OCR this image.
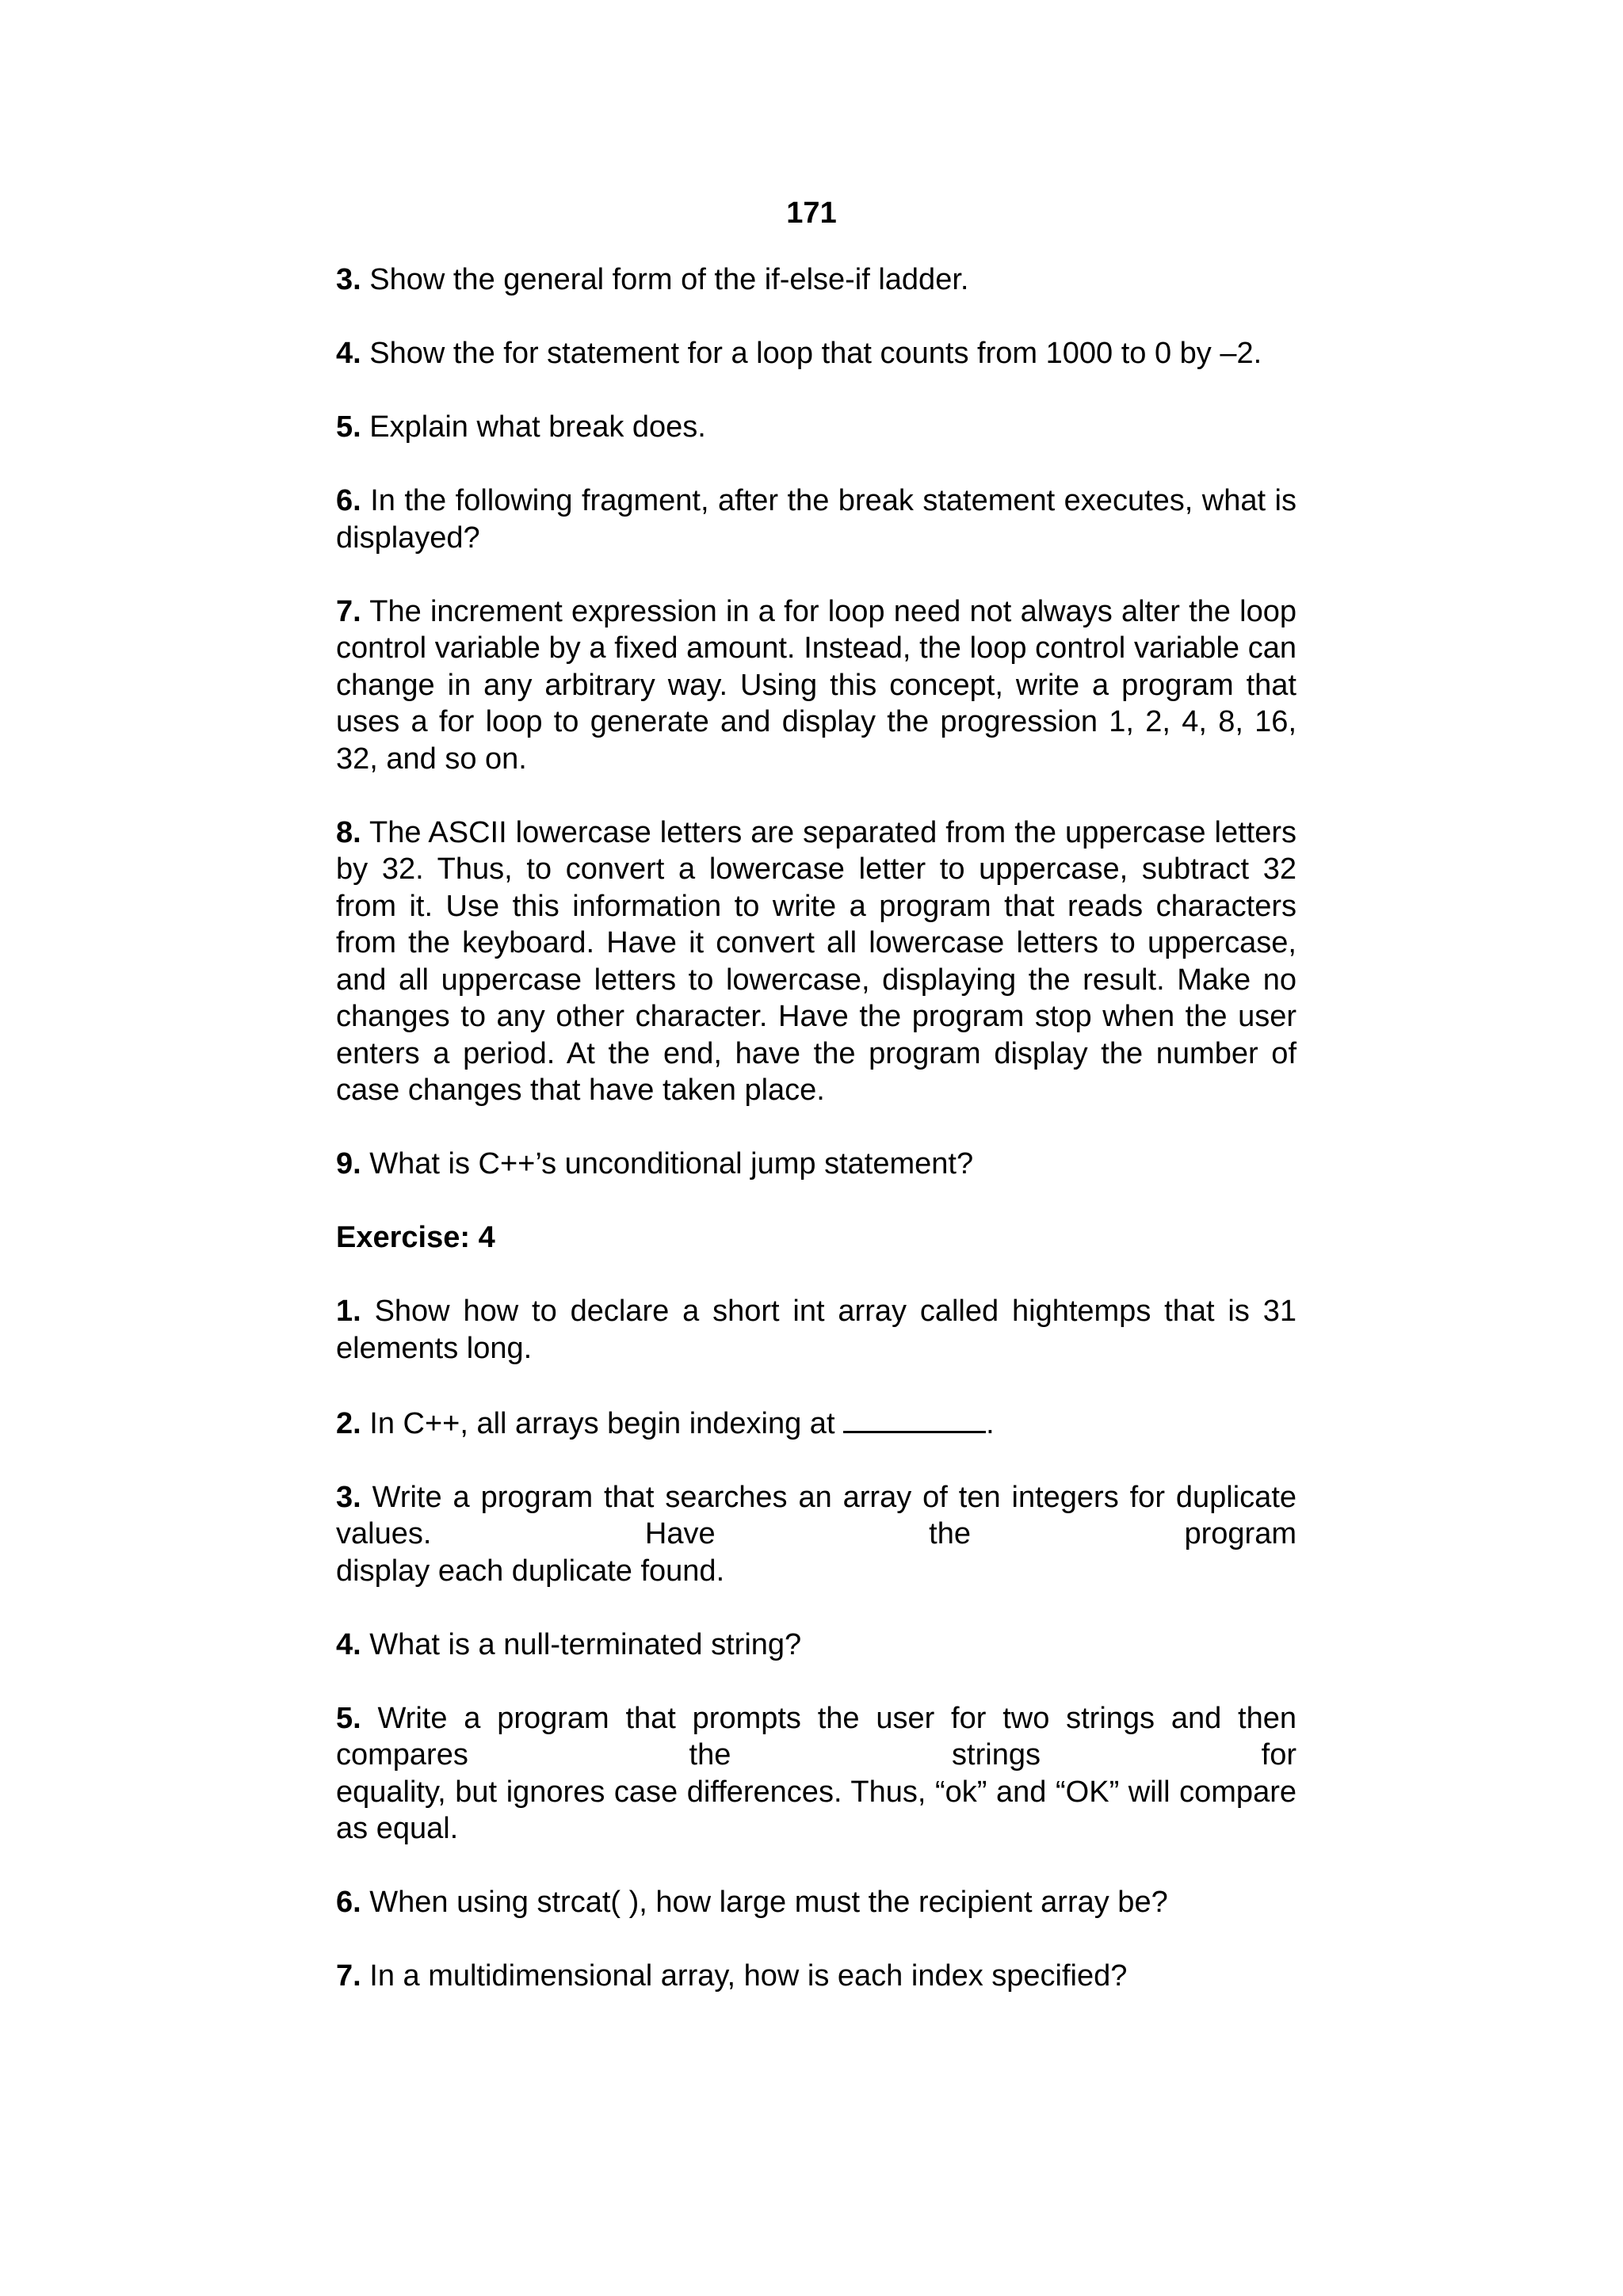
171
3. Show the general form of the if-else-if ladder.
4. Show the for statement for a loop that counts from 1000 to 0 by –2.
5. Explain what break does.
6. In the following fragment, after the break statement executes, what is displayed?
7. The increment expression in a for loop need not always alter the loop control variable by a fixed amount. Instead, the loop control variable can change in any arbitrary way. Using this concept, write a program that uses a for loop to generate and display the progression 1, 2, 4, 8, 16, 32, and so on.
8. The ASCII lowercase letters are separated from the uppercase letters by 32. Thus, to convert a lowercase letter to uppercase, subtract 32 from it. Use this information to write a program that reads characters from the keyboard. Have it convert all lowercase letters to uppercase, and all uppercase letters to lowercase, displaying the result. Make no changes to any other character. Have the program stop when the user enters a period. At the end, have the program display the number of case changes that have taken place.
9. What is C++’s unconditional jump statement?
Exercise: 4
1. Show how to declare a short int array called hightemps that is 31 elements long.
2. In C++, all arrays begin indexing at	.
3. Write a program that searches an array of ten integers for duplicate values. Have the program
display each duplicate found.
4. What is a null-terminated string?
5. Write a program that prompts the user for two strings and then compares the strings for
equality, but ignores case differences. Thus, “ok” and “OK” will compare as equal.
6. When using strcat( ), how large must the recipient array be?
7. In a multidimensional array, how is each index specified?
